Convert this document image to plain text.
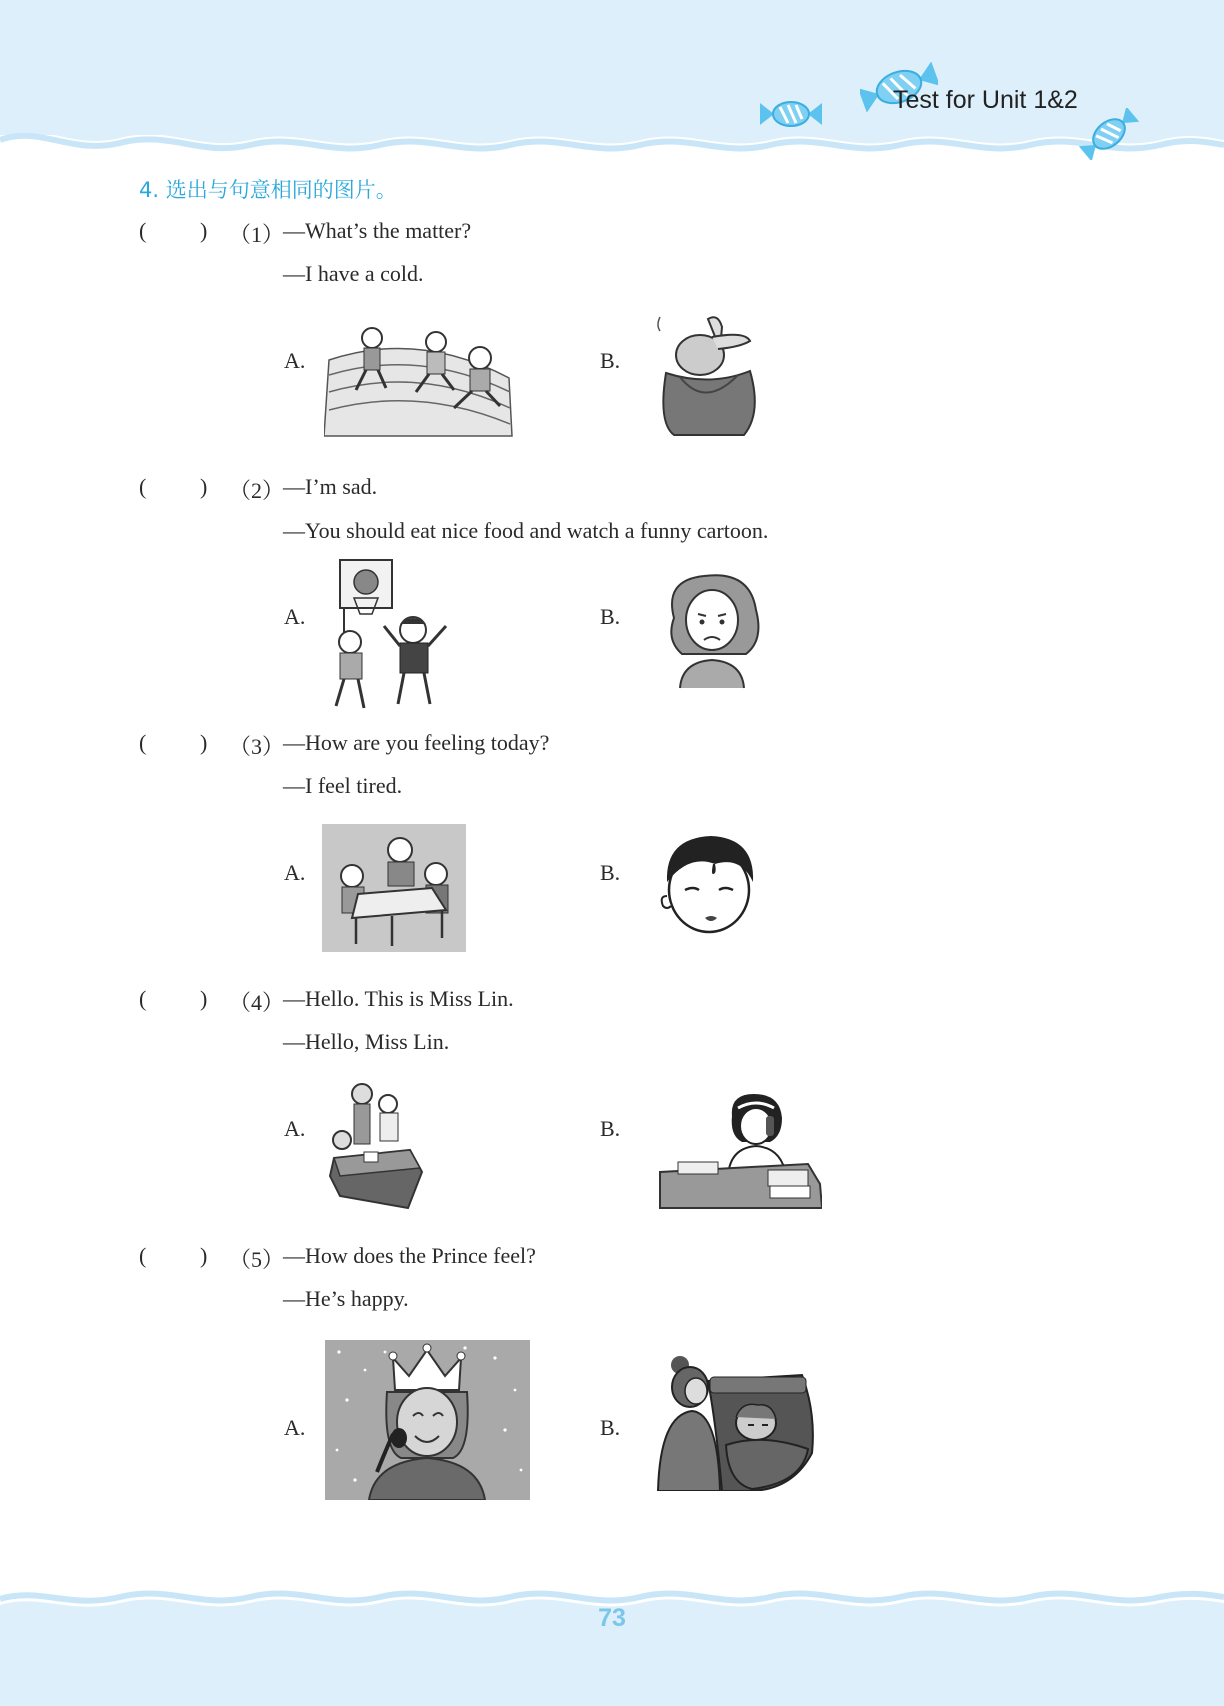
Test for Unit 1&2
4. 选出与句意相同的图片。
( ) （1）
—What’s the matter?
—I have a cold.
A.	B.
( ) （2）
—I’m sad.
—You should eat nice food and watch a funny cartoon.
A.	B.
( ) （3）
—How are you feeling today?
—I feel tired.
A.	B.
( ) （4）
—Hello. This is Miss Lin.
—Hello, Miss Lin.
A.	B.
( ) （5）
—How does the Prince feel?
—He’s happy.
A.	B.
73
